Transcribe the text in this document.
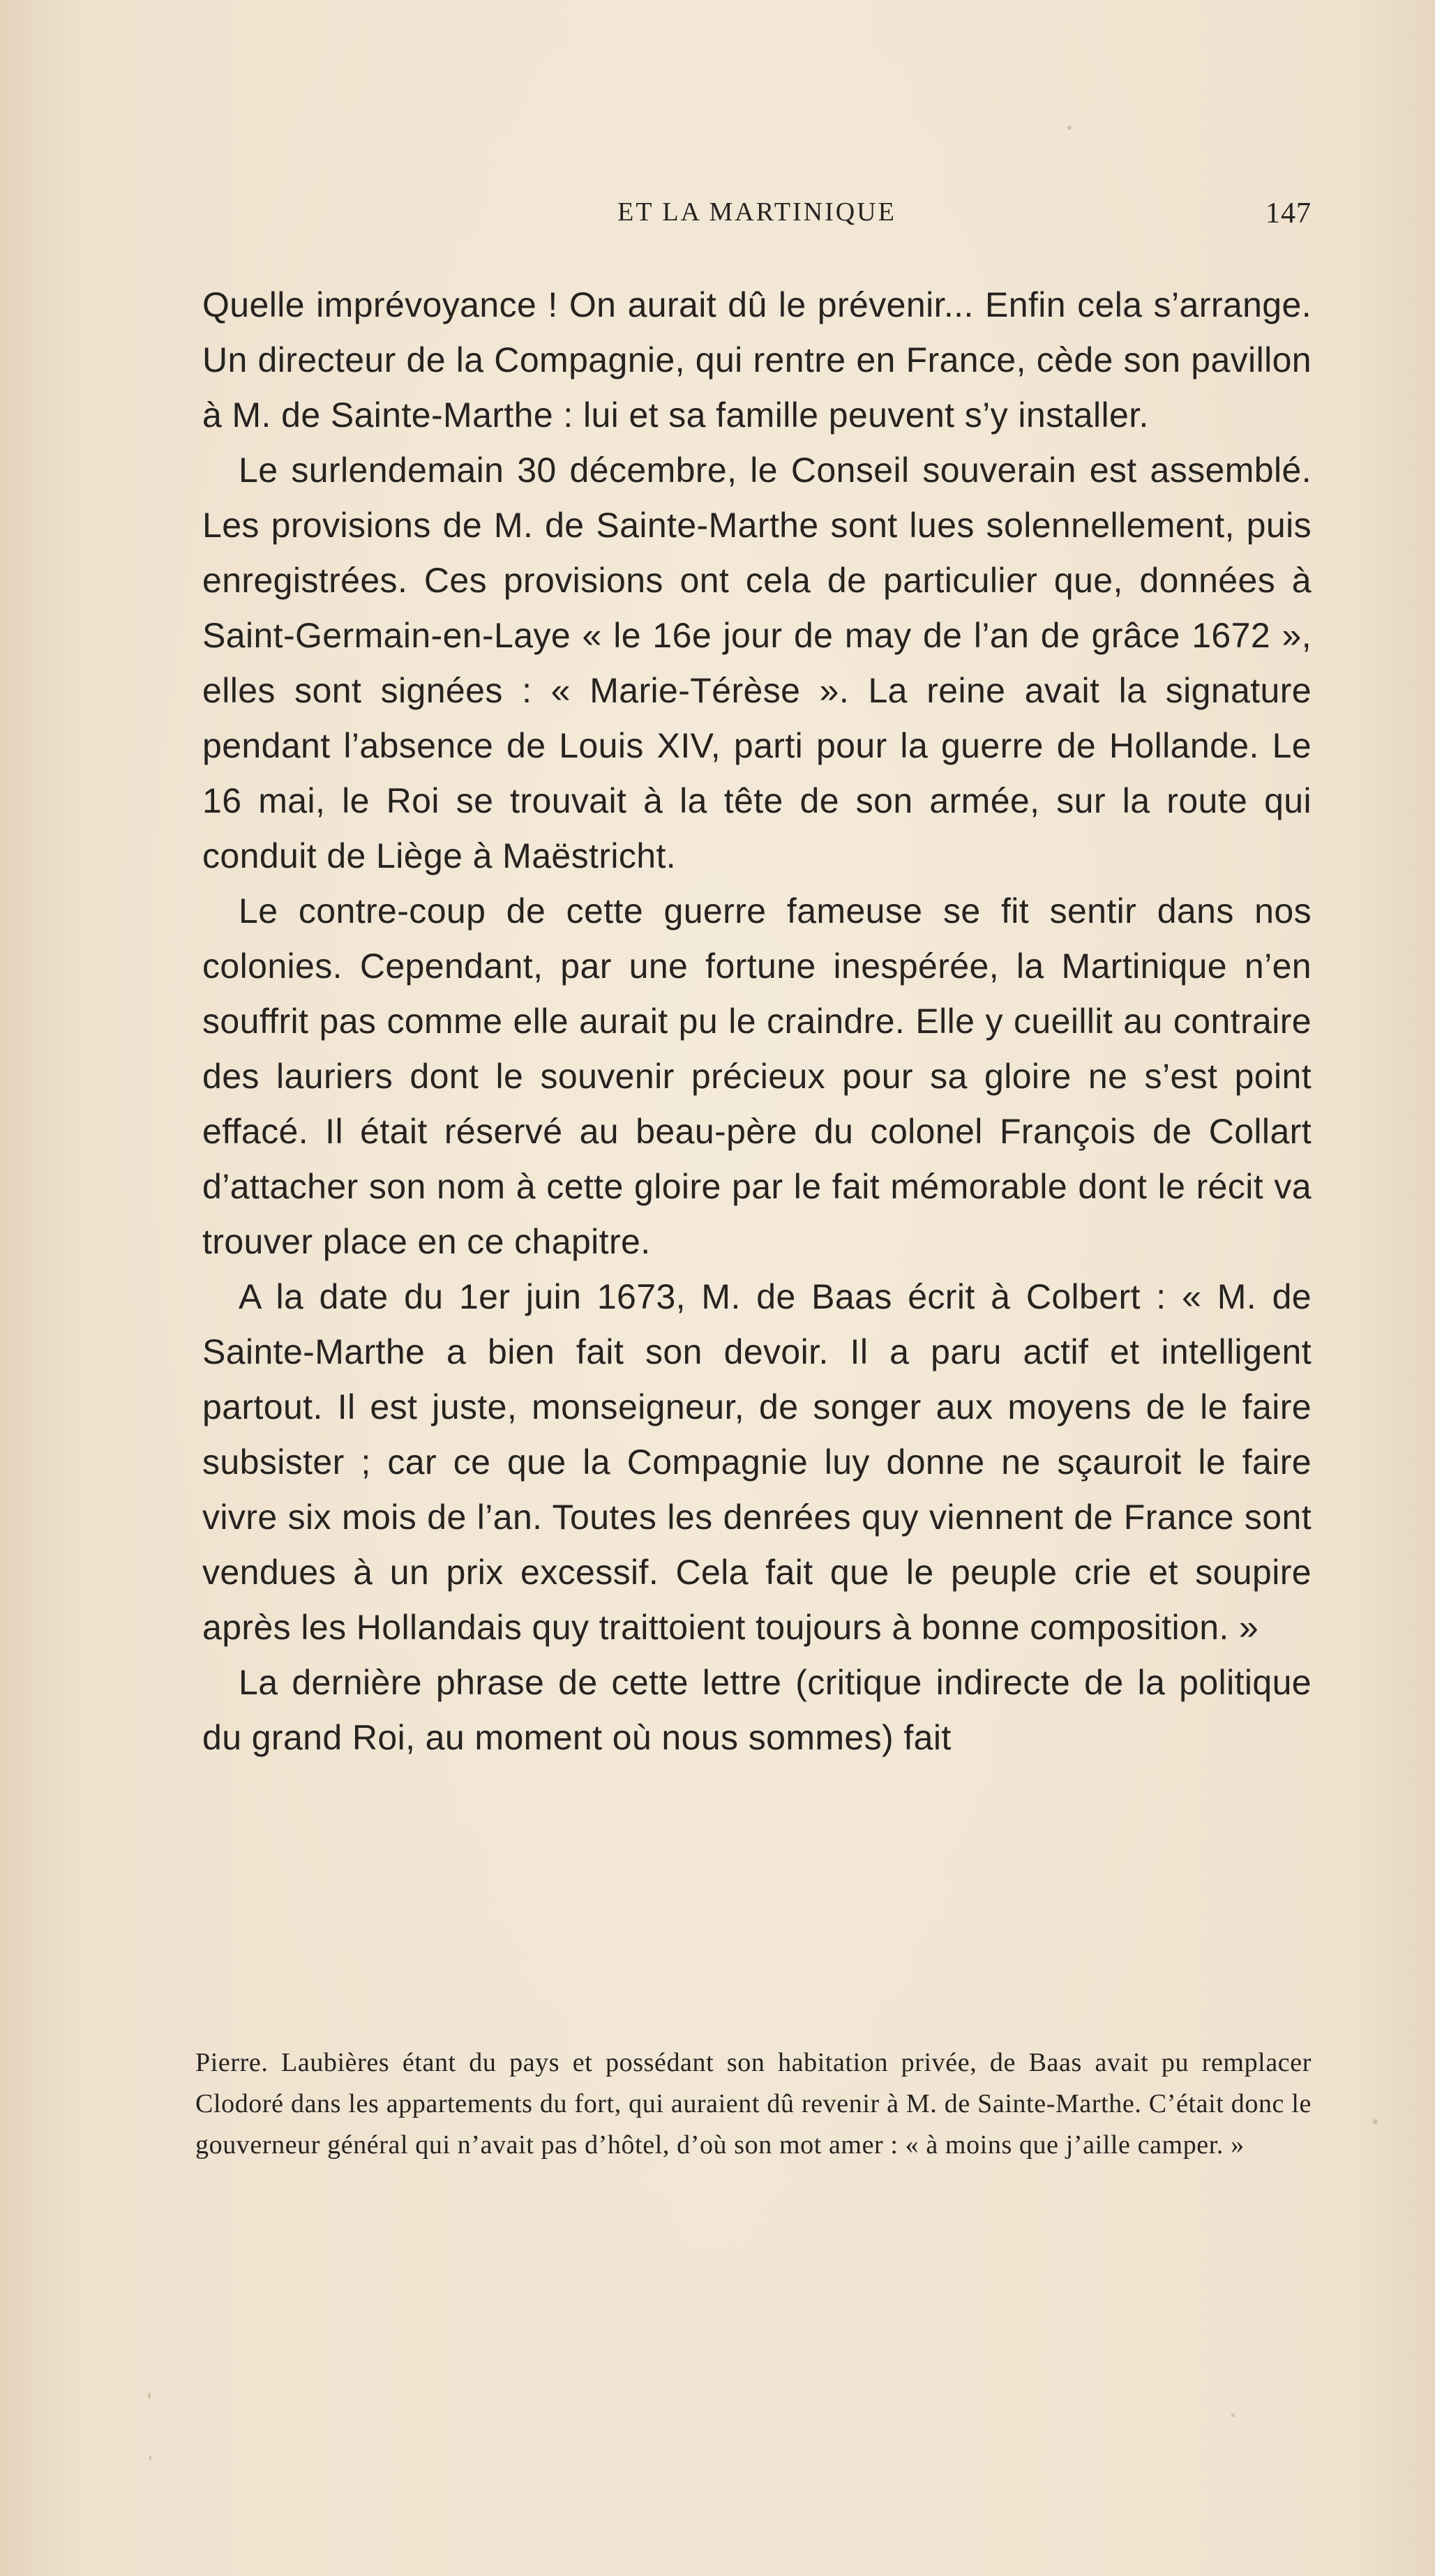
ET LA MARTINIQUE	147

Quelle imprévoyance ! On aurait dû le prévenir... Enfin cela s’arrange. Un directeur de la Compagnie, qui rentre en France, cède son pavillon à M. de Sainte-Marthe : lui et sa famille peuvent s’y installer.

Le surlendemain 30 décembre, le Conseil souverain est assemblé. Les provisions de M. de Sainte-Marthe sont lues solennellement, puis enregistrées. Ces provisions ont cela de particulier que, données à Saint-Germain-en-Laye « le 16e jour de may de l’an de grâce 1672 », elles sont signées : « Marie-Térèse ». La reine avait la signature pendant l’absence de Louis XIV, parti pour la guerre de Hollande. Le 16 mai, le Roi se trouvait à la tête de son armée, sur la route qui conduit de Liège à Maëstricht.

Le contre-coup de cette guerre fameuse se fit sentir dans nos colonies. Cependant, par une fortune inespérée, la Martinique n’en souffrit pas comme elle aurait pu le craindre. Elle y cueillit au contraire des lauriers dont le souvenir précieux pour sa gloire ne s’est point effacé. Il était réservé au beau-père du colonel François de Collart d’attacher son nom à cette gloire par le fait mémorable dont le récit va trouver place en ce chapitre.

A la date du 1er juin 1673, M. de Baas écrit à Colbert : « M. de Sainte-Marthe a bien fait son devoir. Il a paru actif et intelligent partout. Il est juste, monseigneur, de songer aux moyens de le faire subsister ; car ce que la Compagnie luy donne ne sçauroit le faire vivre six mois de l’an. Toutes les denrées quy viennent de France sont vendues à un prix excessif. Cela fait que le peuple crie et soupire après les Hollandais quy traittoient toujours à bonne composition. »

La dernière phrase de cette lettre (critique indirecte de la politique du grand Roi, au moment où nous sommes) fait

Pierre. Laubières étant du pays et possédant son habitation privée, de Baas avait pu remplacer Clodoré dans les appartements du fort, qui auraient dû revenir à M. de Sainte-Marthe. C’était donc le gouverneur général qui n’avait pas d’hôtel, d’où son mot amer : « à moins que j’aille camper. »
